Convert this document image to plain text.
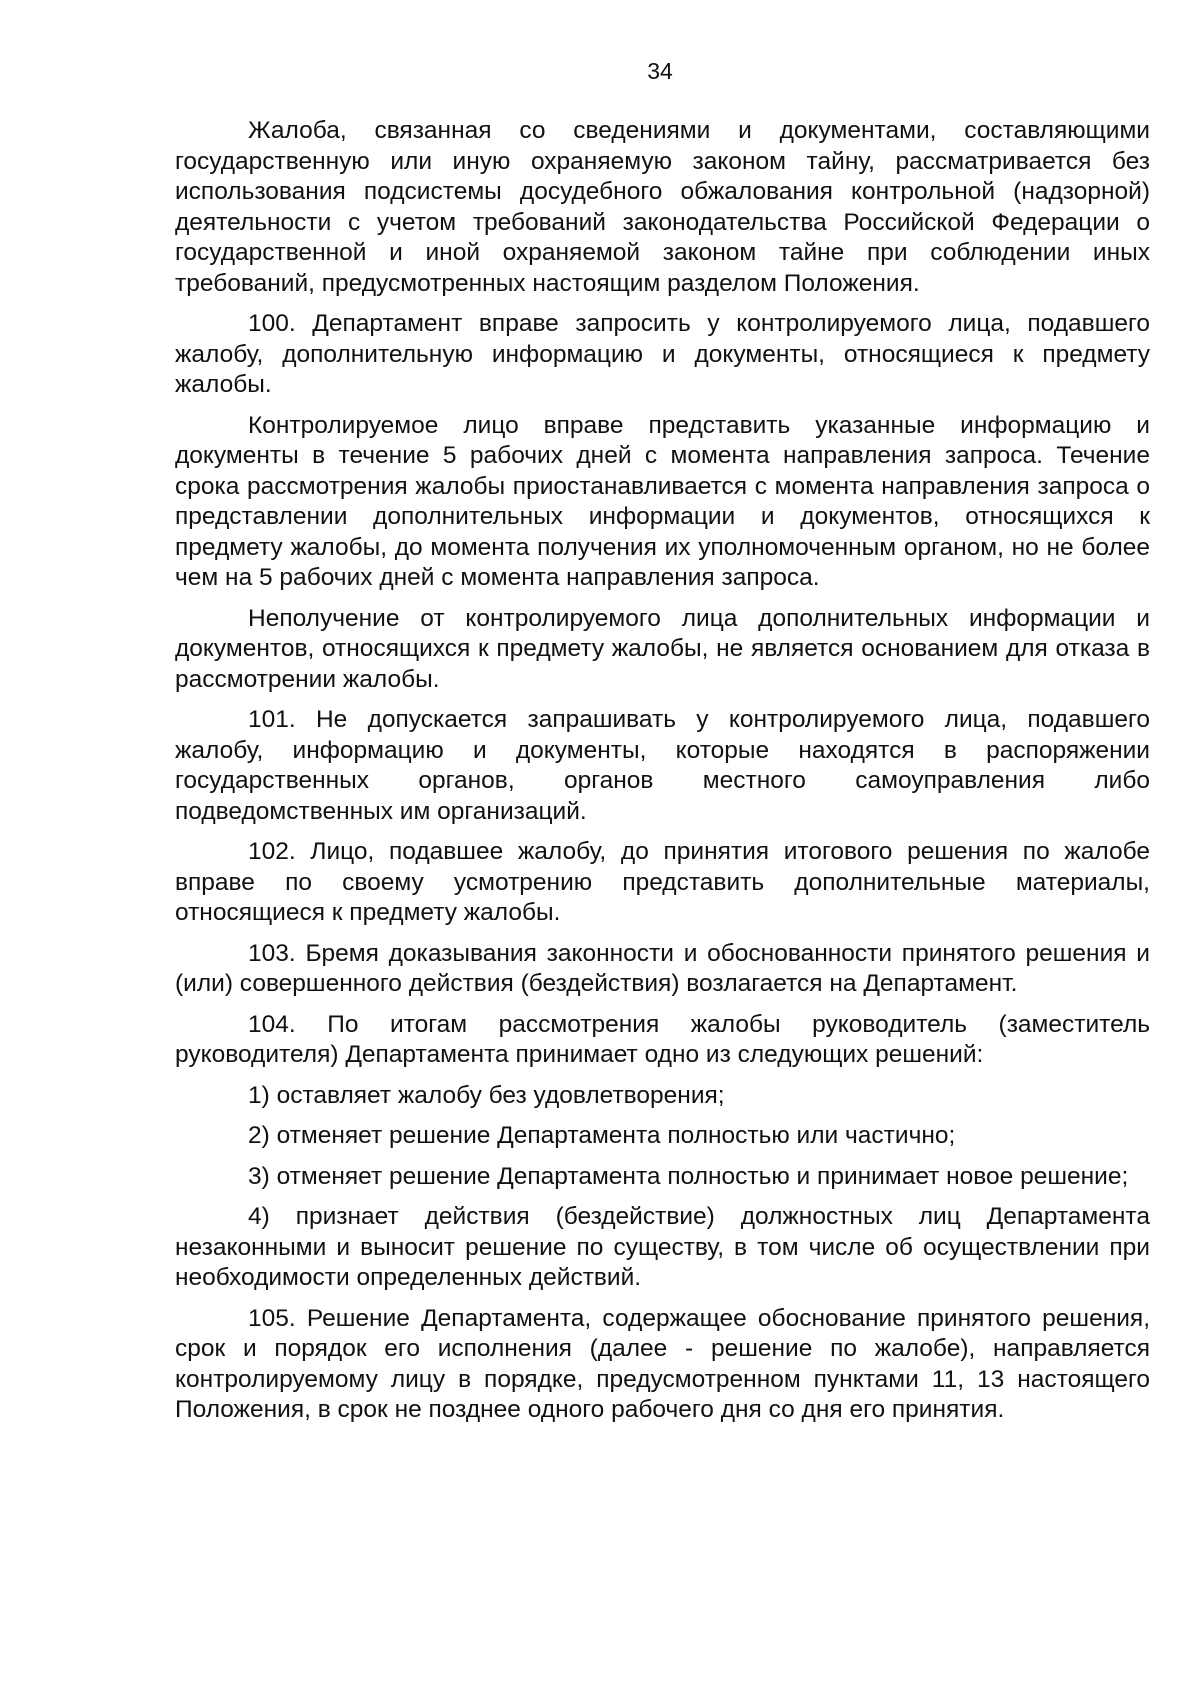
34

Жалоба, связанная со сведениями и документами, составляющими государственную или иную охраняемую законом тайну, рассматривается без использования подсистемы досудебного обжалования контрольной (надзорной) деятельности с учетом требований законодательства Российской Федерации о государственной и иной охраняемой законом тайне при соблюдении иных требований, предусмотренных настоящим разделом Положения.

100. Департамент вправе запросить у контролируемого лица, подавшего жалобу, дополнительную информацию и документы, относящиеся к предмету жалобы.

Контролируемое лицо вправе представить указанные информацию и документы в течение 5 рабочих дней с момента направления запроса. Течение срока рассмотрения жалобы приостанавливается с момента направления запроса о представлении дополнительных информации и документов, относящихся к предмету жалобы, до момента получения их уполномоченным органом, но не более чем на 5 рабочих дней с момента направления запроса.

Неполучение от контролируемого лица дополнительных информации и документов, относящихся к предмету жалобы, не является основанием для отказа в рассмотрении жалобы.

101. Не допускается запрашивать у контролируемого лица, подавшего жалобу, информацию и документы, которые находятся в распоряжении государственных органов, органов местного самоуправления либо подведомственных им организаций.

102. Лицо, подавшее жалобу, до принятия итогового решения по жалобе вправе по своему усмотрению представить дополнительные материалы, относящиеся к предмету жалобы.

103. Бремя доказывания законности и обоснованности принятого решения и (или) совершенного действия (бездействия) возлагается на Департамент.

104. По итогам рассмотрения жалобы руководитель (заместитель руководителя) Департамента принимает одно из следующих решений:

1) оставляет жалобу без удовлетворения;

2) отменяет решение Департамента полностью или частично;

3) отменяет решение Департамента полностью и принимает новое решение;

4) признает действия (бездействие) должностных лиц Департамента незаконными и выносит решение по существу, в том числе об осуществлении при необходимости определенных действий.

105. Решение Департамента, содержащее обоснование принятого решения, срок и порядок его исполнения (далее - решение по жалобе), направляется контролируемому лицу в порядке, предусмотренном пунктами 11, 13 настоящего Положения, в срок не позднее одного рабочего дня со дня его принятия.
